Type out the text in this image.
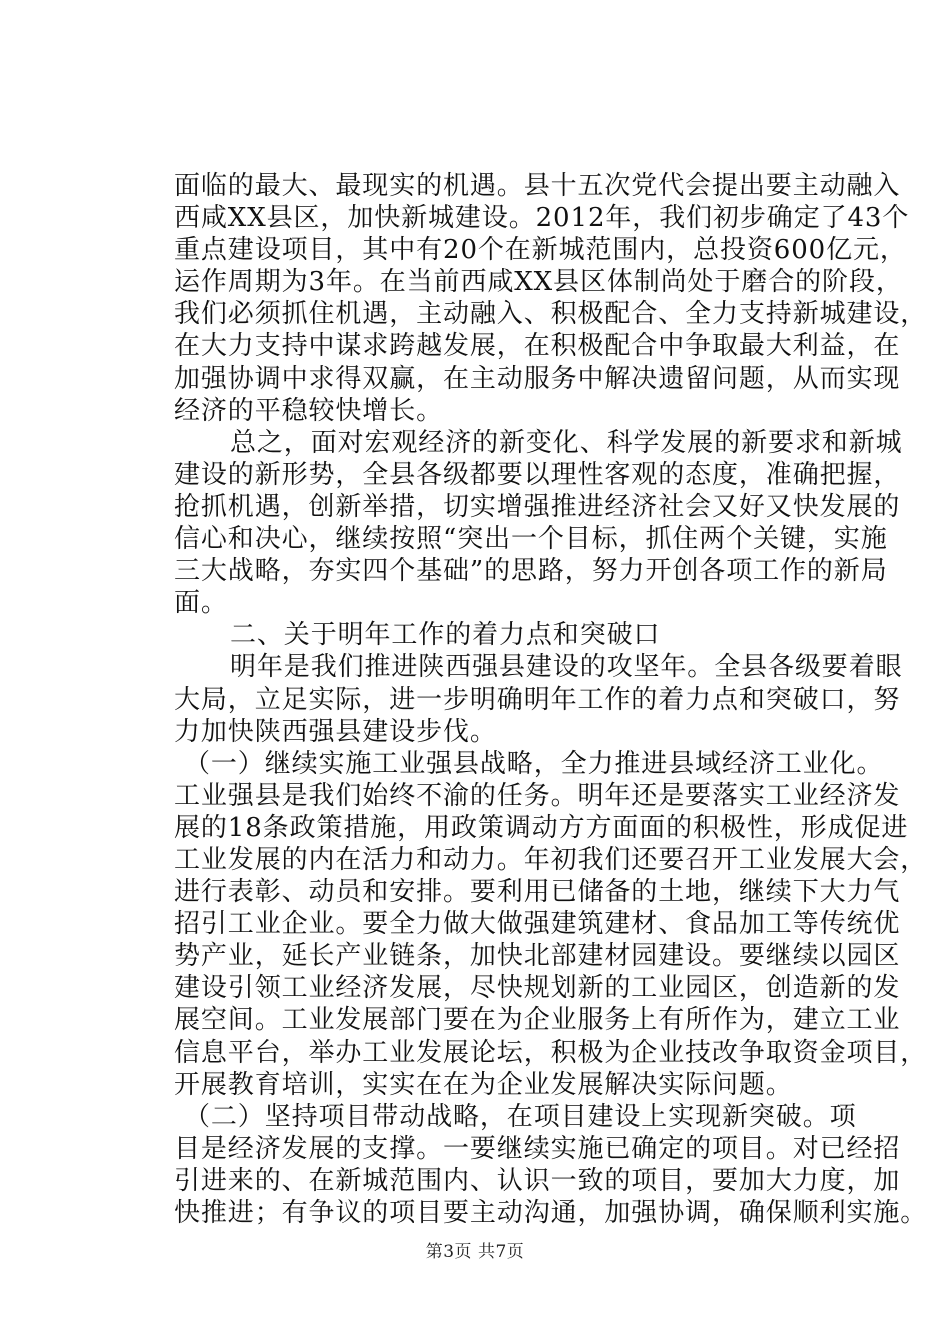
面临的最大、最现实的机遇。县十五次党代会提出要主动融入
西咸XX县区，加快新城建设。2012年，我们初步确定了43个
重点建设项目，其中有20个在新城范围内，总投资600亿元，
运作周期为3年。在当前西咸XX县区体制尚处于磨合的阶段，
我们必须抓住机遇，主动融入、积极配合、全力支持新城建设，
在大力支持中谋求跨越发展，在积极配合中争取最大利益，在
加强协调中求得双赢，在主动服务中解决遗留问题，从而实现
经济的平稳较快增长。
总之，面对宏观经济的新变化、科学发展的新要求和新城
建设的新形势，全县各级都要以理性客观的态度，准确把握，
抢抓机遇，创新举措，切实增强推进经济社会又好又快发展的
信心和决心，继续按照“突出一个目标，抓住两个关键，实施
三大战略，夯实四个基础”的思路，努力开创各项工作的新局
面。
二、关于明年工作的着力点和突破口
明年是我们推进陕西强县建设的攻坚年。全县各级要着眼
大局，立足实际，进一步明确明年工作的着力点和突破口，努
力加快陕西强县建设步伐。
（一）继续实施工业强县战略，全力推进县域经济工业化。
工业强县是我们始终不渝的任务。明年还是要落实工业经济发
展的18条政策措施，用政策调动方方面面的积极性，形成促进
工业发展的内在活力和动力。年初我们还要召开工业发展大会，
进行表彰、动员和安排。要利用已储备的土地，继续下大力气
招引工业企业。要全力做大做强建筑建材、食品加工等传统优
势产业，延长产业链条，加快北部建材园建设。要继续以园区
建设引领工业经济发展，尽快规划新的工业园区，创造新的发
展空间。工业发展部门要在为企业服务上有所作为，建立工业
信息平台，举办工业发展论坛，积极为企业技改争取资金项目，
开展教育培训，实实在在为企业发展解决实际问题。
（二）坚持项目带动战略，在项目建设上实现新突破。项
目是经济发展的支撑。一要继续实施已确定的项目。对已经招
引进来的、在新城范围内、认识一致的项目，要加大力度，加
快推进；有争议的项目要主动沟通，加强协调，确保顺利实施。
第3页 共7页
